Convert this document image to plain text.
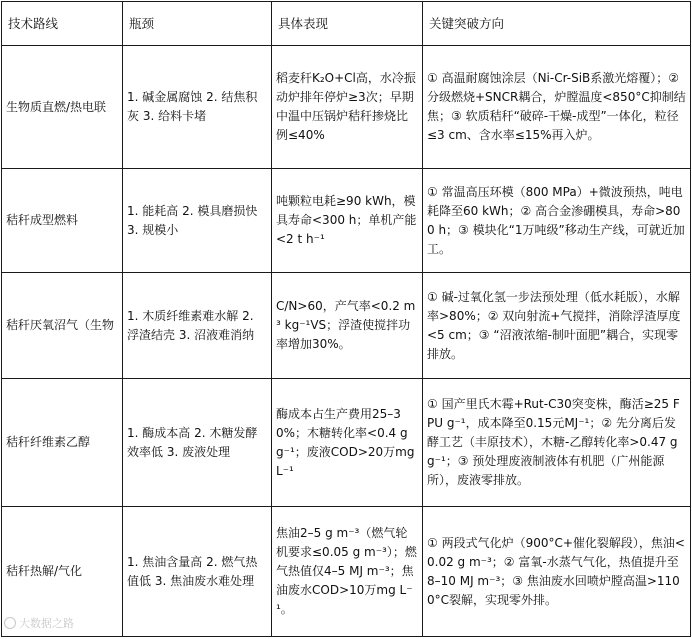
技术路线	瓶颈	具体表现	关键突破方向
生物质直燃/热电联	1. 碱金属腐蚀 2. 结焦积灰 3. 给料卡堵	稻麦秆K₂O+Cl高，水冷振动炉排年停炉≥3次；早期中温中压锅炉秸秆掺烧比例≤40%	① 高温耐腐蚀涂层（Ni-Cr-SiB系激光熔覆）；② 分级燃烧+SNCR耦合，炉膛温度<850°C抑制结焦；③ 软质秸秆“破碎-干燥-成型”一体化，粒径≤3 cm、含水率≤15%再入炉。
秸秆成型燃料	1. 能耗高 2. 模具磨损快 3. 规模小	吨颗粒电耗≥90 kWh，模具寿命<300 h；单机产能<2 t h⁻¹	① 常温高压环模（800 MPa）+微波预热，吨电耗降至60 kWh；② 高合金渗硼模具，寿命>800 h；③ 模块化“1万吨级”移动生产线，可就近加工。
秸秆厌氧沼气（生物	1. 木质纤维素难水解 2. 浮渣结壳 3. 沼液难消纳	C/N>60，产气率<0.2 m³ kg⁻¹VS；浮渣使搅拌功率增加30%。	① 碱-过氧化氢一步法预处理（低水耗版），水解率>80%；② 双向射流+气搅拌，消除浮渣厚度<5 cm；③ “沼液浓缩-制叶面肥”耦合，实现零排放。
秸秆纤维素乙醇	1. 酶成本高 2. 木糖发酵效率低 3. 废液处理	酶成本占生产费用25–30%；木糖转化率<0.4 g g⁻¹；废液COD>20万mg L⁻¹	① 国产里氏木霉+Rut-C30突变株，酶活≥25 FPU g⁻¹，成本降至0.15元MJ⁻¹；② 先分离后发酵工艺（丰原技术），木糖-乙醇转化率>0.47 g g⁻¹；③ 预处理废液制液体有机肥（广州能源所），废液零排放。
秸秆热解/气化	1. 焦油含量高 2. 燃气热值低 3. 焦油废水难处理	焦油2–5 g m⁻³（燃气轮机要求≤0.05 g m⁻³）；燃气热值仅4–5 MJ m⁻³；焦油废水COD>10万mg L⁻¹。	① 两段式气化炉（900°C+催化裂解段），焦油<0.02 g m⁻³；② 富氧-水蒸气气化，热值提升至8–10 MJ m⁻³；③ 焦油废水回喷炉膛高温>1100°C裂解，实现零外排。
大数据之路
